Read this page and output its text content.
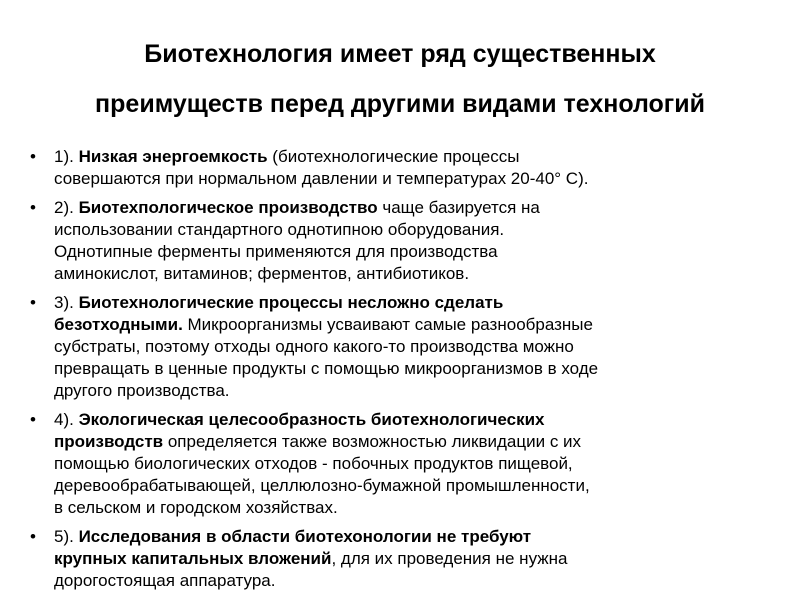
Биотехнология имеет ряд существенных
преимуществ перед другими видами технологий
•	1). Низкая энергоемкость (биотехнологические процессы
совершаются при нормальном давлении и температурах 20-40° С).
•	2). Биотехпологическое производство чаще базируется на
использовании стандартного однотипною оборудования.
Однотипные ферменты применяются для производства
аминокислот, витаминов; ферментов, антибиотиков.
•	3). Биотехнологические процессы несложно сделать
безотходными. Микроорганизмы усваивают самые разнообразные
субстраты, поэтому отходы одного какого-то производства можно
превращать в ценные продукты с помощью микроорганизмов в ходе
другого производства.
•	4). Экологическая целесообразность биотехнологических
производств определяется также возможностью ликвидации с их
помощью биологических отходов - побочных продуктов пищевой,
деревообрабатывающей, целлюлозно-бумажной промышленности,
в сельском и городском хозяйствах.
•	5). Исследования в области биотехонологии не требуют
крупных капитальных вложений, для их проведения не нужна
дорогостоящая аппаратура.
